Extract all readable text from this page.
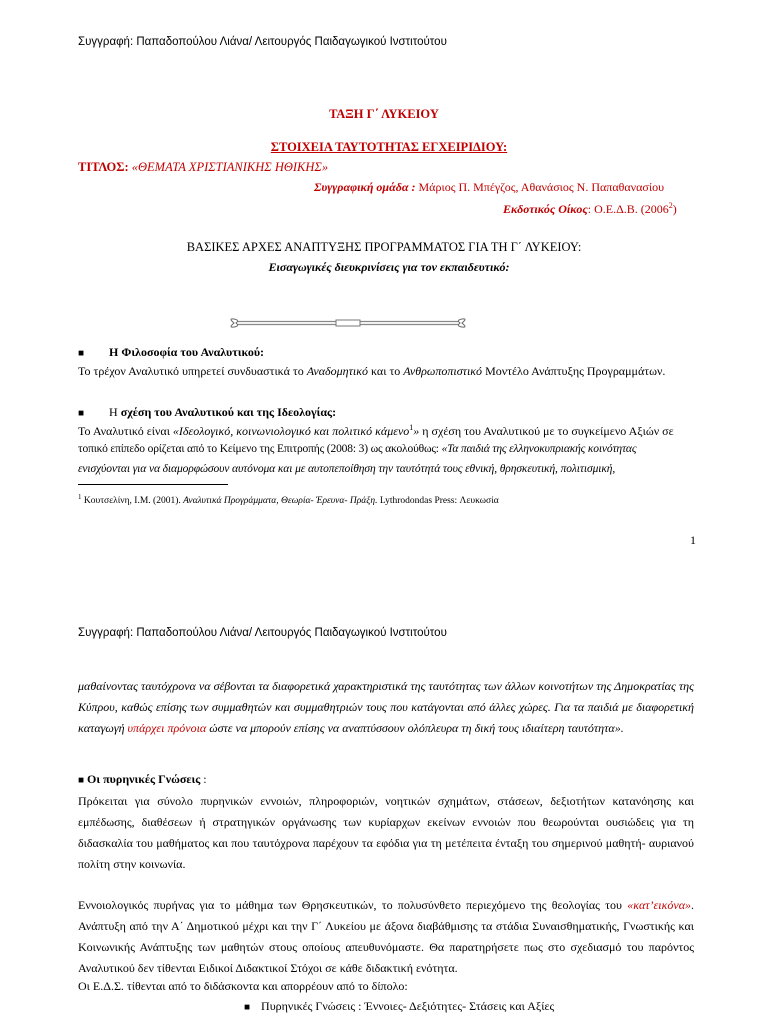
Συγγραφή: Παπαδοπούλου Λιάνα/ Λειτουργός Παιδαγωγικού Ινστιτούτου
ΤΑΞΗ Γ΄ ΛΥΚΕΙΟΥ
ΣΤΟΙΧΕΙΑ ΤΑΥΤΟΤΗΤΑΣ ΕΓΧΕΙΡΙΔΙΟΥ:
ΤΙΤΛΟΣ: «ΘΕΜΑΤΑ ΧΡΙΣΤΙΑΝΙΚΗΣ ΗΘΙΚΗΣ»
Συγγραφική ομάδα : Μάριος Π. Μπέγζος, Αθανάσιος Ν. Παπαθανασίου
Εκδοτικός Οίκος: Ο.Ε.Δ.Β. (2006$^2$)
ΒΑΣΙΚΕΣ ΑΡΧΕΣ ΑΝΑΠΤΥΞΗΣ ΠΡΟΓΡΑΜΜΑΤΟΣ ΓΙΑ ΤΗ Γ΄ ΛΥΚΕΙΟΥ:
Εισαγωγικές διευκρινίσεις για τον εκπαιδευτικό:
■ Η Φιλοσοφία του Αναλυτικού:
Το τρέχον Αναλυτικό υπηρετεί συνδυαστικά το Αναδομητικό και το Ανθρωποπιστικό Μοντέλο Ανάπτυξης Προγραμμάτων.
■ Η σχέση του Αναλυτικού και της Ιδεολογίας:
Το Αναλυτικό είναι «Ιδεολογικό, κοινωνιολογικό και πολιτικό κάμενο$^1$» η σχέση του Αναλυτικού με το συγκείμενο Αξιών σε
τοπικό επίπεδο ορίζεται από το Κείμενο της Επιτροπής (2008: 3) ως ακολούθως: «Τα παιδιά της ελληνοκυπριακής κοινότητας
ενισχύονται για να διαμορφώσουν αυτόνομα και με αυτοπεποίθηση την ταυτότητά τους εθνική, θρησκευτική, πολιτισμική,
$^1$ Κουτσελίνη, Ι.Μ. (2001). Αναλυτικά Προγράμματα, Θεωρία- Έρευνα- Πράξη. Lythrodondas Press: Λευκωσία
1
Συγγραφή: Παπαδοπούλου Λιάνα/ Λειτουργός Παιδαγωγικού Ινστιτούτου
μαθαίνοντας ταυτόχρονα να σέβονται τα διαφορετικά χαρακτηριστικά της ταυτότητας των άλλων κοινοτήτων της Δημοκρατίας της Κύπρου, καθώς επίσης των συμμαθητών και συμμαθητριών τους που κατάγονται από άλλες χώρες. Για τα παιδιά με διαφορετική καταγωγή υπάρχει πρόνοια ώστε να μπορούν επίσης να αναπτύσσουν ολόπλευρα τη δική τους ιδιαίτερη ταυτότητα».
■ Οι πυρηνικές Γνώσεις :
Πρόκειται για σύνολο πυρηνικών εννοιών, πληροφοριών, νοητικών σχημάτων, στάσεων, δεξιοτήτων κατανόησης και εμπέδωσης, διαθέσεων ή στρατηγικών οργάνωσης των κυρίαρχων εκείνων εννοιών που θεωρούνται ουσιώδεις για τη διδασκαλία του μαθήματος και που ταυτόχρονα παρέχουν τα εφόδια για τη μετέπειτα ένταξη του σημερινού μαθητή- αυριανού πολίτη στην κοινωνία.
Εννοιολογικός πυρήνας για το μάθημα των Θρησκευτικών, το πολυσύνθετο περιεχόμενο της θεολογίας του «κατ’εικόνα». Ανάπτυξη από την Α΄ Δημοτικού μέχρι και την Γ΄ Λυκείου με άξονα διαβάθμισης τα στάδια Συναισθηματικής, Γνωστικής και Κοινωνικής Ανάπτυξης των μαθητών στους οποίους απευθυνόμαστε. Θα παρατηρήσετε πως στο σχεδιασμό του παρόντος Αναλυτικού δεν τίθενται Ειδικοί Διδακτικοί Στόχοι σε κάθε διδακτική ενότητα.
Οι Ε.Δ.Σ. τίθενται από το διδάσκοντα και απορρέουν από το δίπολο:
■ Πυρηνικές Γνώσεις : Έννοιες- Δεξιότητες- Στάσεις και Αξίες
